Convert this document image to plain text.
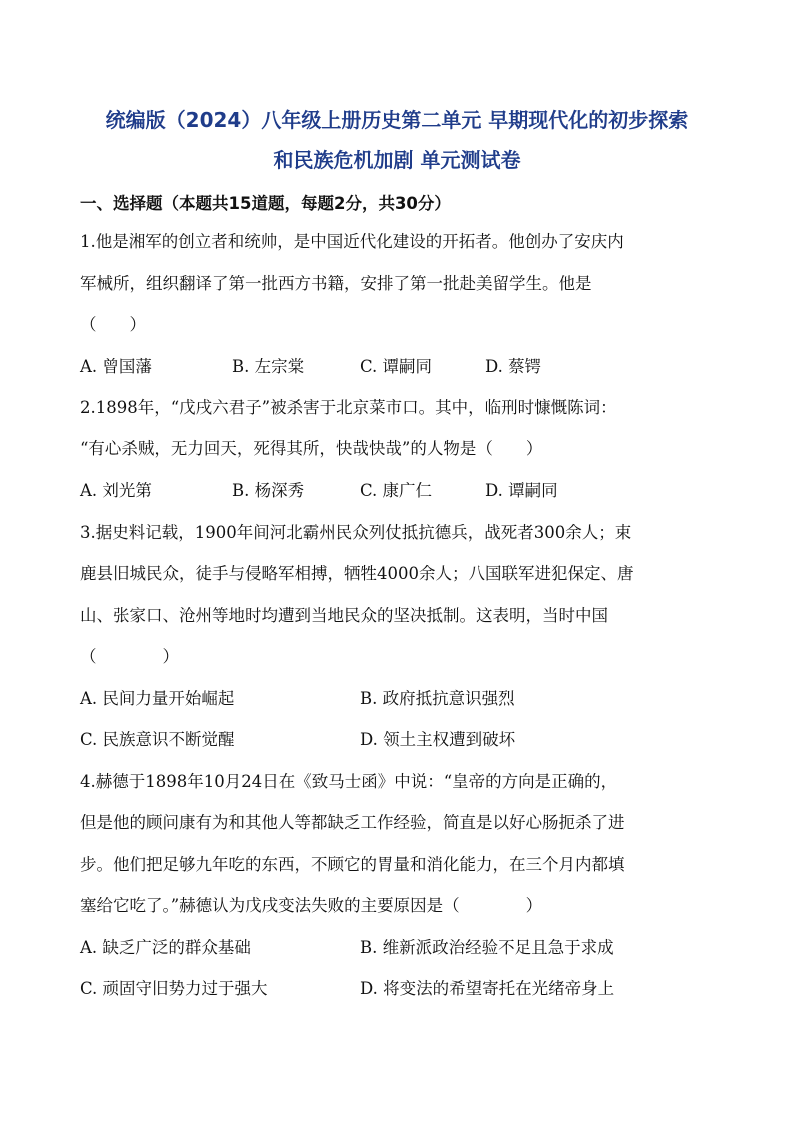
统编版（2024）八年级上册历史第二单元 早期现代化的初步探索
和民族危机加剧 单元测试卷
一、选择题（本题共15道题，每题2分，共30分）
1.他是湘军的创立者和统帅，是中国近代化建设的开拓者。他创办了安庆内
军械所，组织翻译了第一批西方书籍，安排了第一批赴美留学生。他是
（　　）
A. 曾国藩	B. 左宗棠	C. 谭嗣同	D. 蔡锷
2.1898年，“戊戌六君子”被杀害于北京菜市口。其中，临刑时慷慨陈词：
“有心杀贼，无力回天，死得其所，快哉快哉”的人物是（　　）
A. 刘光第	B. 杨深秀	C. 康广仁	D. 谭嗣同
3.据史料记载，1900年间河北霸州民众列仗抵抗德兵，战死者300余人；束
鹿县旧城民众，徒手与侵略军相搏，牺牲4000余人；八国联军进犯保定、唐
山、张家口、沧州等地时均遭到当地民众的坚决抵制。这表明，当时中国
（　　　　）
A. 民间力量开始崛起	B. 政府抵抗意识强烈
C. 民族意识不断觉醒	D. 领土主权遭到破坏
4.赫德于1898年10月24日在《致马士函》中说：“皇帝的方向是正确的，
但是他的顾问康有为和其他人等都缺乏工作经验，简直是以好心肠扼杀了进
步。他们把足够九年吃的东西，不顾它的胃量和消化能力，在三个月内都填
塞给它吃了。”赫德认为戊戌变法失败的主要原因是（　　　　）
A. 缺乏广泛的群众基础	B. 维新派政治经验不足且急于求成
C. 顽固守旧势力过于强大	D. 将变法的希望寄托在光绪帝身上
